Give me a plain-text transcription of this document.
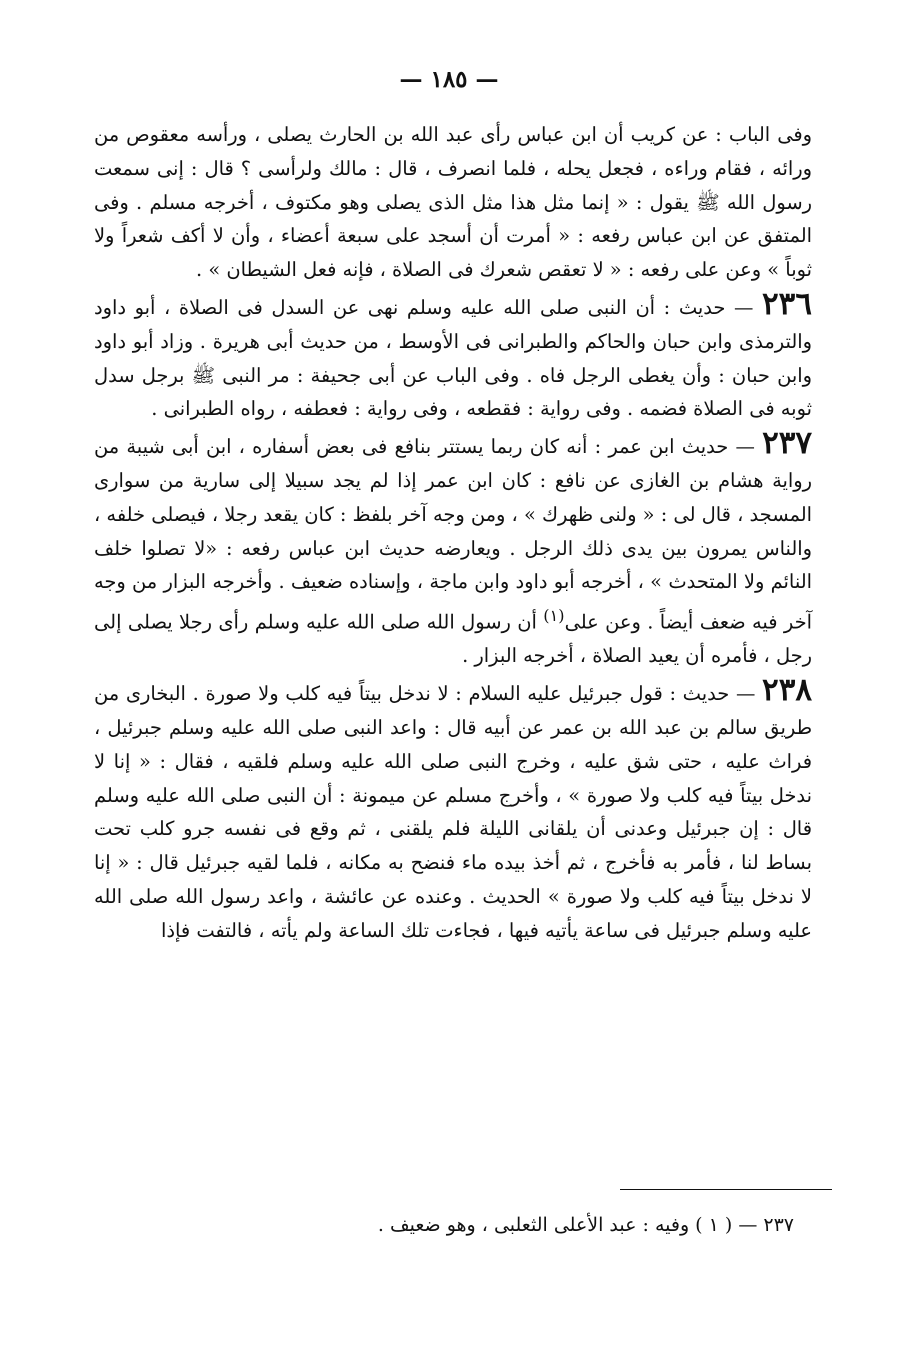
— ١٨٥ —

وفى الباب : عن كريب أن ابن عباس رأى عبد الله بن الحارث يصلى ، ورأسه معقوص من ورائه ، فقام وراءه ، فجعل يحله ، فلما انصرف ، قال : مالك ولرأسى ؟ قال : إنى سمعت رسول الله ﷺ يقول : « إنما مثل هذا مثل الذى يصلى وهو مكتوف ، أخرجه مسلم . وفى المتفق عن ابن عباس رفعه : « أمرت أن أسجد على سبعة أعضاء ، وأن لا أكف شعراً ولا ثوباً » وعن على رفعه : « لا تعقص شعرك فى الصلاة ، فإنه فعل الشيطان » .

٢٣٦ — حديث : أن النبى صلى الله عليه وسلم نهى عن السدل فى الصلاة ، أبو داود والترمذى وابن حبان والحاكم والطبرانى فى الأوسط ، من حديث أبى هريرة . وزاد أبو داود وابن حبان : وأن يغطى الرجل فاه . وفى الباب عن أبى جحيفة : مر النبى ﷺ برجل سدل ثوبه فى الصلاة فضمه . وفى رواية : فقطعه ، وفى رواية : فعطفه ، رواه الطبرانى .

٢٣٧ — حديث ابن عمر : أنه كان ربما يستتر بنافع فى بعض أسفاره ، ابن أبى شيبة من رواية هشام بن الغازى عن نافع : كان ابن عمر إذا لم يجد سبيلا إلى سارية من سوارى المسجد ، قال لى : « ولنى ظهرك » ، ومن وجه آخر بلفظ : كان يقعد رجلا ، فيصلى خلفه ، والناس يمرون بين يدى ذلك الرجل . ويعارضه حديث ابن عباس رفعه : «لا تصلوا خلف النائم ولا المتحدث » ، أخرجه أبو داود وابن ماجة ، وإسناده ضعيف . وأخرجه البزار من وجه آخر فيه ضعف أيضاً . وعن على$^{(١)}$ أن رسول الله صلى الله عليه وسلم رأى رجلا يصلى إلى رجل ، فأمره أن يعيد الصلاة ، أخرجه البزار .

٢٣٨ — حديث : قول جبرئيل عليه السلام : لا ندخل بيتاً فيه كلب ولا صورة . البخارى من طريق سالم بن عبد الله بن عمر عن أبيه قال : واعد النبى صلى الله عليه وسلم جبرئيل ، فراث عليه ، حتى شق عليه ، وخرج النبى صلى الله عليه وسلم فلقيه ، فقال : « إنا لا ندخل بيتاً فيه كلب ولا صورة » ، وأخرج مسلم عن ميمونة : أن النبى صلى الله عليه وسلم قال : إن جبرئيل وعدنى أن يلقانى الليلة فلم يلقنى ، ثم وقع فى نفسه جرو كلب تحت بساط لنا ، فأمر به فأخرج ، ثم أخذ بيده ماء فنضح به مكانه ، فلما لقيه جبرئيل قال : « إنا لا ندخل بيتاً فيه كلب ولا صورة » الحديث . وعنده عن عائشة ، واعد رسول الله صلى الله عليه وسلم جبرئيل فى ساعة يأتيه فيها ، فجاءت تلك الساعة ولم يأته ، فالتفت فإذا

٢٣٧ — ( ١ ) وفيه : عبد الأعلى الثعلبى ، وهو ضعيف .
